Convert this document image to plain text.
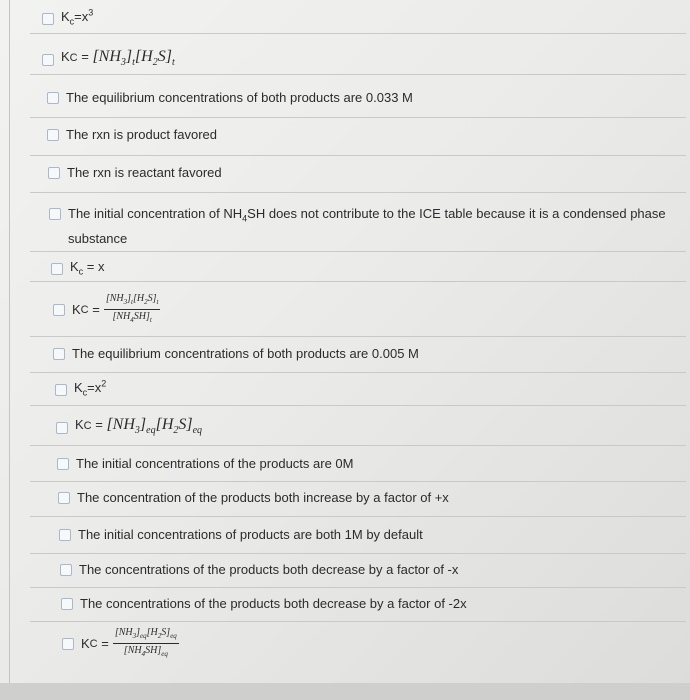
$K_c=x^3$
KC = $[NH_3]_t[H_2S]_t$
The equilibrium concentrations of both products are 0.033 M
The rxn is product favored
The rxn is reactant favored
The initial concentration of $NH_4SH$ does not contribute to the ICE table because it is a condensed phase substance
$K_c = x$
K $C = \frac{[NH_3]_t[H_2S]_t}{[NH_4SH]_t}$
The equilibrium concentrations of both products are 0.005 M
$K_c=x^2$
KC = $[NH_3]_{eq}[H_2S]_{eq}$
The initial concentrations of the products are 0M
The concentration of the products both increase by a factor of +x
The initial concentrations of products are both 1M by default
The concentrations of the products both decrease by a factor of -x
The concentrations of the products both decrease by a factor of -2x
K $C = \frac{[NH_3]_{eq}[H_2S]_{eq}}{[NH_4SH]_{eq}}$
